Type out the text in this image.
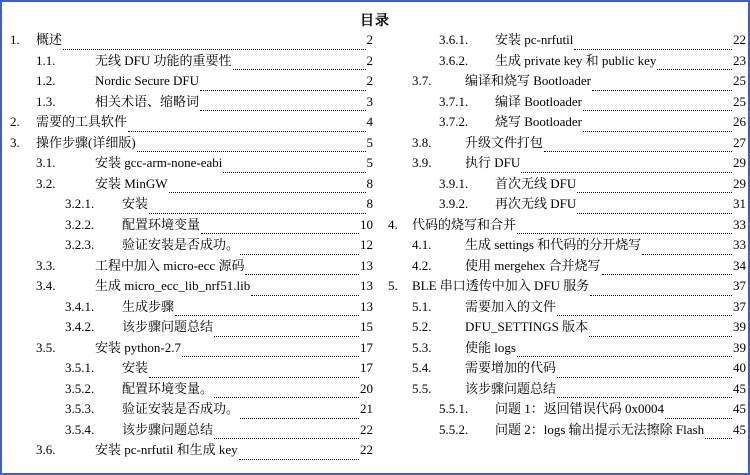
目录
1. 概述	2
1.1.	无线 DFU 功能的重要性	2
1.2.	Nordic Secure DFU	2
1.3.	相关术语、缩略词	3
2. 需要的工具软件	4
3. 操作步骤(详细版)	5
3.1.	安装 gcc-arm-none-eabi	5
3.2.	安装 MinGW	8
3.2.1. 安装	8
3.2.2. 配置环境变量	10
3.2.3. 验证安装是否成功。	12
3.3.	工程中加入 micro-ecc 源码	13
3.4.	生成 micro_ecc_lib_nrf51.lib	13
3.4.1. 生成步骤	13
3.4.2. 该步骤问题总结	15
3.5.	安装 python-2.7	17
3.5.1. 安装	17
3.5.2. 配置环境变量。	20
3.5.3. 验证安装是否成功。	21
3.5.4. 该步骤问题总结	22
3.6.	安装 pc-nrfutil 和生成 key	22
3.6.1. 安装 pc-nrfutil	22
3.6.2. 生成 private key 和 public key	23
3.7.	编译和烧写 Bootloader	25
3.7.1. 编译 Bootloader	25
3.7.2. 烧写 Bootloader	26
3.8.	升级文件打包	27
3.9.	执行 DFU	29
3.9.1. 首次无线 DFU	29
3.9.2. 再次无线 DFU	31
4. 代码的烧写和合并	33
4.1.	生成 settings 和代码的分开烧写	33
4.2.	使用 mergehex 合并烧写	34
5. BLE 串口透传中加入 DFU 服务	37
5.1.	需要加入的文件	37
5.2.	DFU_SETTINGS 版本	39
5.3.	使能 logs	39
5.4.	需要增加的代码	40
5.5.	该步骤问题总结	45
5.5.1. 问题 1：返回错误代码 0x0004	45
5.5.2. 问题 2：logs 输出提示无法擦除 Flash 45
